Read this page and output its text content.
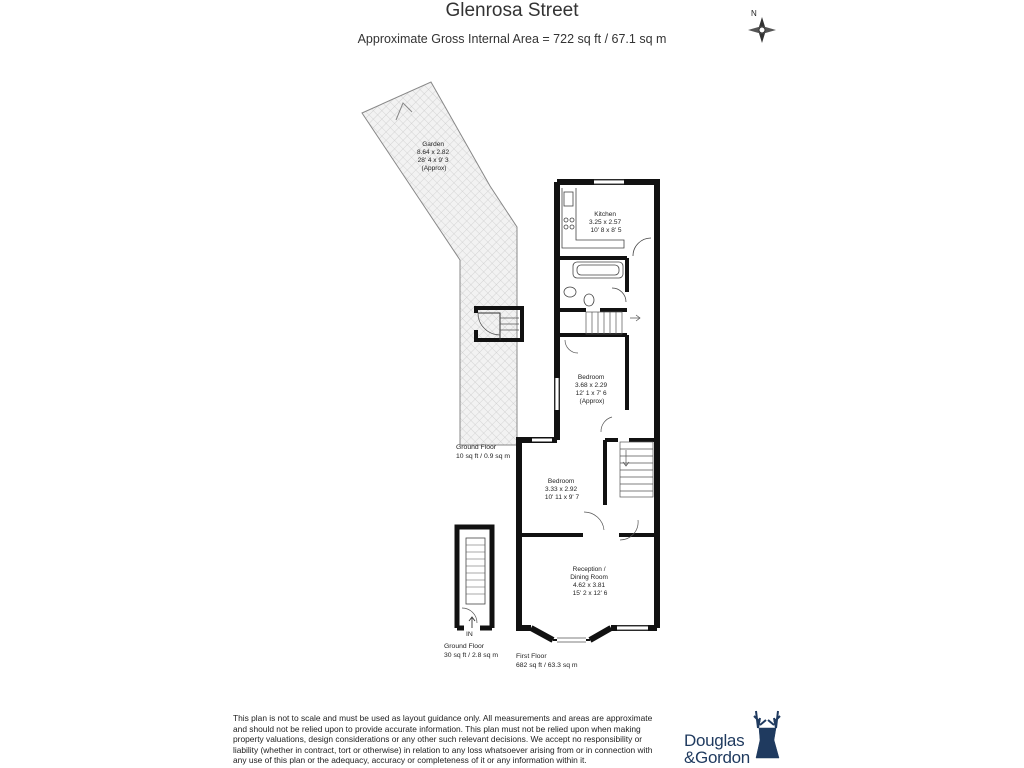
Glenrosa Street
Approximate Gross Internal Area = 722 sq ft / 67.1 sq m
N
Garden 8.64 x 2.82 28' 4 x 9' 3 (Approx)
Ground Floor 10 sq ft / 0.9 sq m
IN
Ground Floor 30 sq ft / 2.8 sq m
Kitchen 3.25 x 2.57 10' 8 x 8' 5
Bedroom 3.68 x 2.29 12' 1 x 7' 6 (Approx)
Bedroom 3.33 x 2.92 10' 11 x 9' 7
Reception / Dining Room 4.62 x 3.81 15' 2 x 12' 6
First Floor 682 sq ft / 63.3 sq m
This plan is not to scale and must be used as layout guidance only. All measurements and areas are approximate
and should not be relied upon to provide accurate information. This plan must not be relied upon when making
property valuations, design considerations or any other such relevant decisions. We accept no responsibility or
liability (whether in contract, tort or otherwise) in relation to any loss whatsoever arising from or in connection with
any use of this plan or the adequacy, accuracy or completeness of it or any information within it.
Douglas
&Gordon
